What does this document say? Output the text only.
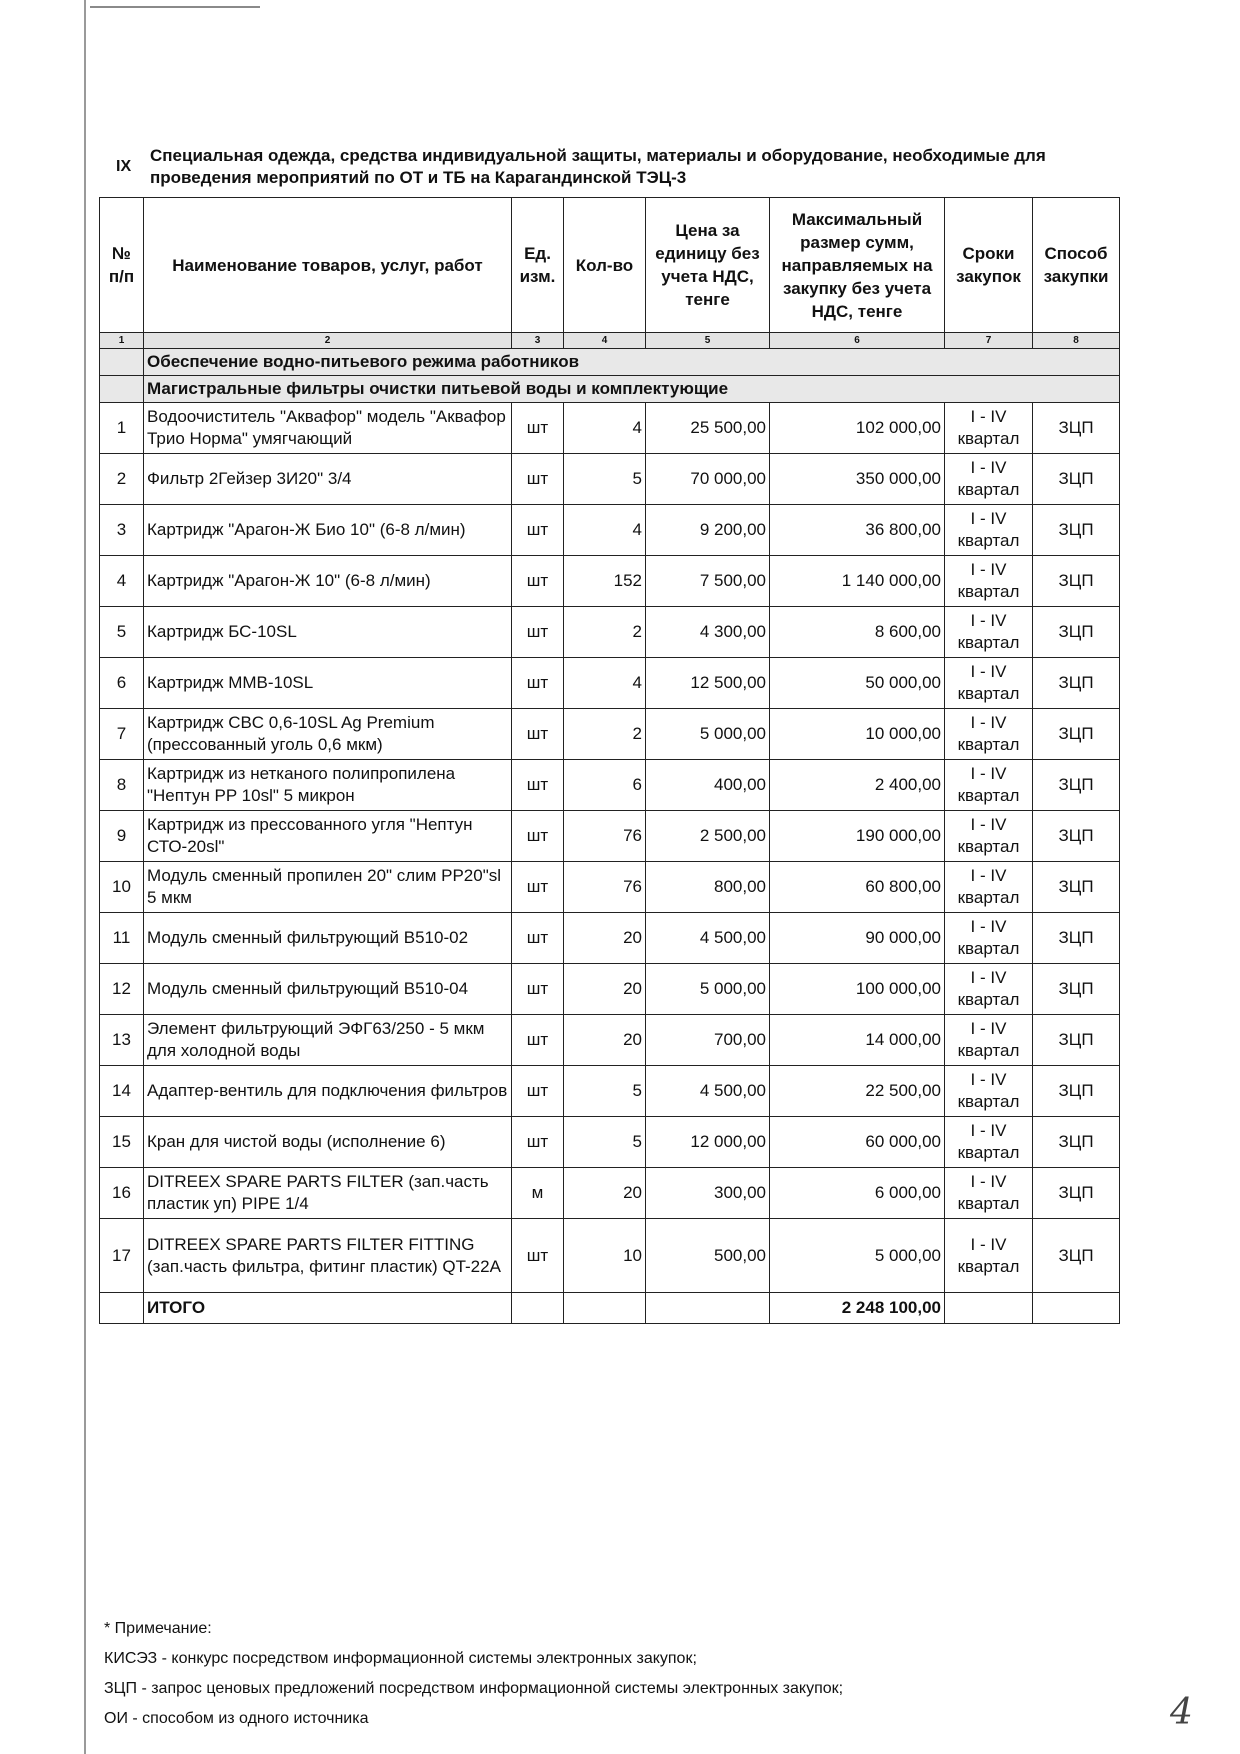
IX
Специальная одежда, средства индивидуальной защиты, материалы и оборудование, необходимые для проведения мероприятий по ОТ и ТБ на Карагандинской ТЭЦ-3
№ п/п	Наименование товаров, услуг, работ	Ед. изм.	Кол-во	Цена за единицу без учета НДС, тенге	Максимальный размер сумм, направляемых на закупку без учета НДС, тенге	Сроки закупок	Способ закупки
1	2	3	4	5	6	7	8
	Обеспечение водно-питьевого режима работников						
	Магистральные фильтры очистки питьевой воды и комплектующие						
1	Водоочиститель "Аквафор" модель "Аквафор Трио Норма" умягчающий	шт	4	25 500,00	102 000,00	I - IV квартал	ЗЦП
2	Фильтр 2Гейзер 3И20" 3/4	шт	5	70 000,00	350 000,00	I - IV квартал	ЗЦП
3	Картридж "Арагон-Ж Био 10" (6-8 л/мин)	шт	4	9 200,00	36 800,00	I - IV квартал	ЗЦП
4	Картридж "Арагон-Ж 10" (6-8 л/мин)	шт	152	7 500,00	1 140 000,00	I - IV квартал	ЗЦП
5	Картридж БС-10SL	шт	2	4 300,00	8 600,00	I - IV квартал	ЗЦП
6	Картридж ММВ-10SL	шт	4	12 500,00	50 000,00	I - IV квартал	ЗЦП
7	Картридж CBC 0,6-10SL Ag Premium (прессованный уголь 0,6 мкм)	шт	2	5 000,00	10 000,00	I - IV квартал	ЗЦП
8	Картридж из нетканого полипропилена "Нептун PP 10sl" 5 микрон	шт	6	400,00	2 400,00	I - IV квартал	ЗЦП
9	Картридж из прессованного угля "Нептун СТО-20sl"	шт	76	2 500,00	190 000,00	I - IV квартал	ЗЦП
10	Модуль сменный пропилен 20" слим PP20"sl 5 мкм	шт	76	800,00	60 800,00	I - IV квартал	ЗЦП
11	Модуль сменный фильтрующий В510-02	шт	20	4 500,00	90 000,00	I - IV квартал	ЗЦП
12	Модуль сменный фильтрующий В510-04	шт	20	5 000,00	100 000,00	I - IV квартал	ЗЦП
13	Элемент фильтрующий ЭФГ63/250 - 5 мкм для холодной воды	шт	20	700,00	14 000,00	I - IV квартал	ЗЦП
14	Адаптер-вентиль для подключения фильтров	шт	5	4 500,00	22 500,00	I - IV квартал	ЗЦП
15	Кран для чистой воды (исполнение 6)	шт	5	12 000,00	60 000,00	I - IV квартал	ЗЦП
16	DITREEX SPARE PARTS FILTER (зап.часть пластик уп) PIPE 1/4	м	20	300,00	6 000,00	I - IV квартал	ЗЦП
17	DITREEX SPARE PARTS FILTER FITTING (зап.часть фильтра, фитинг пластик) QT-22A	шт	10	500,00	5 000,00	I - IV квартал	ЗЦП
	ИТОГО				2 248 100,00		
* Примечание:
КИСЭЗ - конкурс посредством информационной системы электронных закупок;
ЗЦП - запрос ценовых предложений посредством информационной системы электронных закупок;
ОИ - способом из одного источника	4
